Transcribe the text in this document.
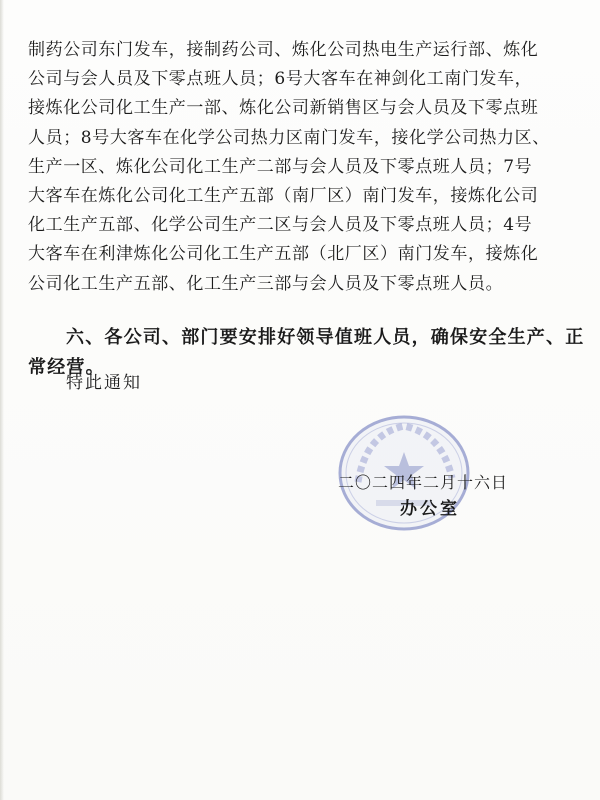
制药公司东门发车，接制药公司、炼化公司热电生产运行部、炼化
公司与会人员及下零点班人员；6号大客车在神剑化工南门发车，
接炼化公司化工生产一部、炼化公司新销售区与会人员及下零点班
人员；8号大客车在化学公司热力区南门发车，接化学公司热力区、
生产一区、炼化公司化工生产二部与会人员及下零点班人员；7号
大客车在炼化公司化工生产五部（南厂区）南门发车，接炼化公司
化工生产五部、化学公司生产二区与会人员及下零点班人员；4号
大客车在利津炼化公司化工生产五部（北厂区）南门发车，接炼化
公司化工生产五部、化工生产三部与会人员及下零点班人员。
六、各公司、部门要安排好领导值班人员，确保安全生产、正
常经营。

特此通知

二〇二四年二月十六日

办公室
